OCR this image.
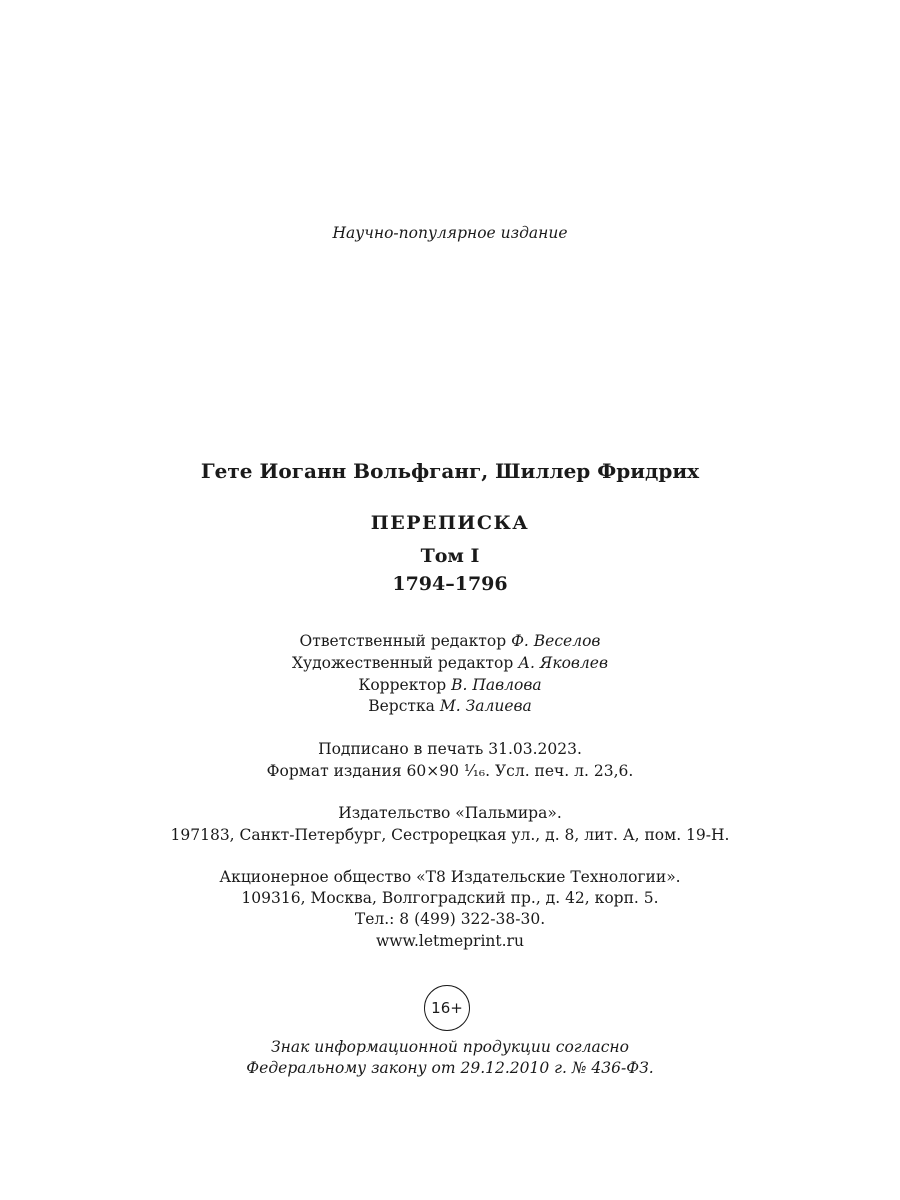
Научно-популярное издание
Гете Иоганн Вольфганг, Шиллер Фридрих
ПЕРЕПИСКА
Том I
1794–1796
Ответственный редактор Ф. Веселов
Художественный редактор А. Яковлев
Корректор В. Павлова
Верстка М. Залиева
Подписано в печать 31.03.2023.
Формат издания 60×90 ¹⁄₁₆. Усл. печ. л. 23,6.
Издательство «Пальмира».
197183, Санкт-Петербург, Сестрорецкая ул., д. 8, лит. А, пом. 19-Н.
Акционерное общество «Т8 Издательские Технологии».
109316, Москва, Волгоградский пр., д. 42, корп. 5.
Тел.: 8 (499) 322-38-30.
www.letmeprint.ru
16+
Знак информационной продукции согласно
Федеральному закону от 29.12.2010 г. № 436-ФЗ.
